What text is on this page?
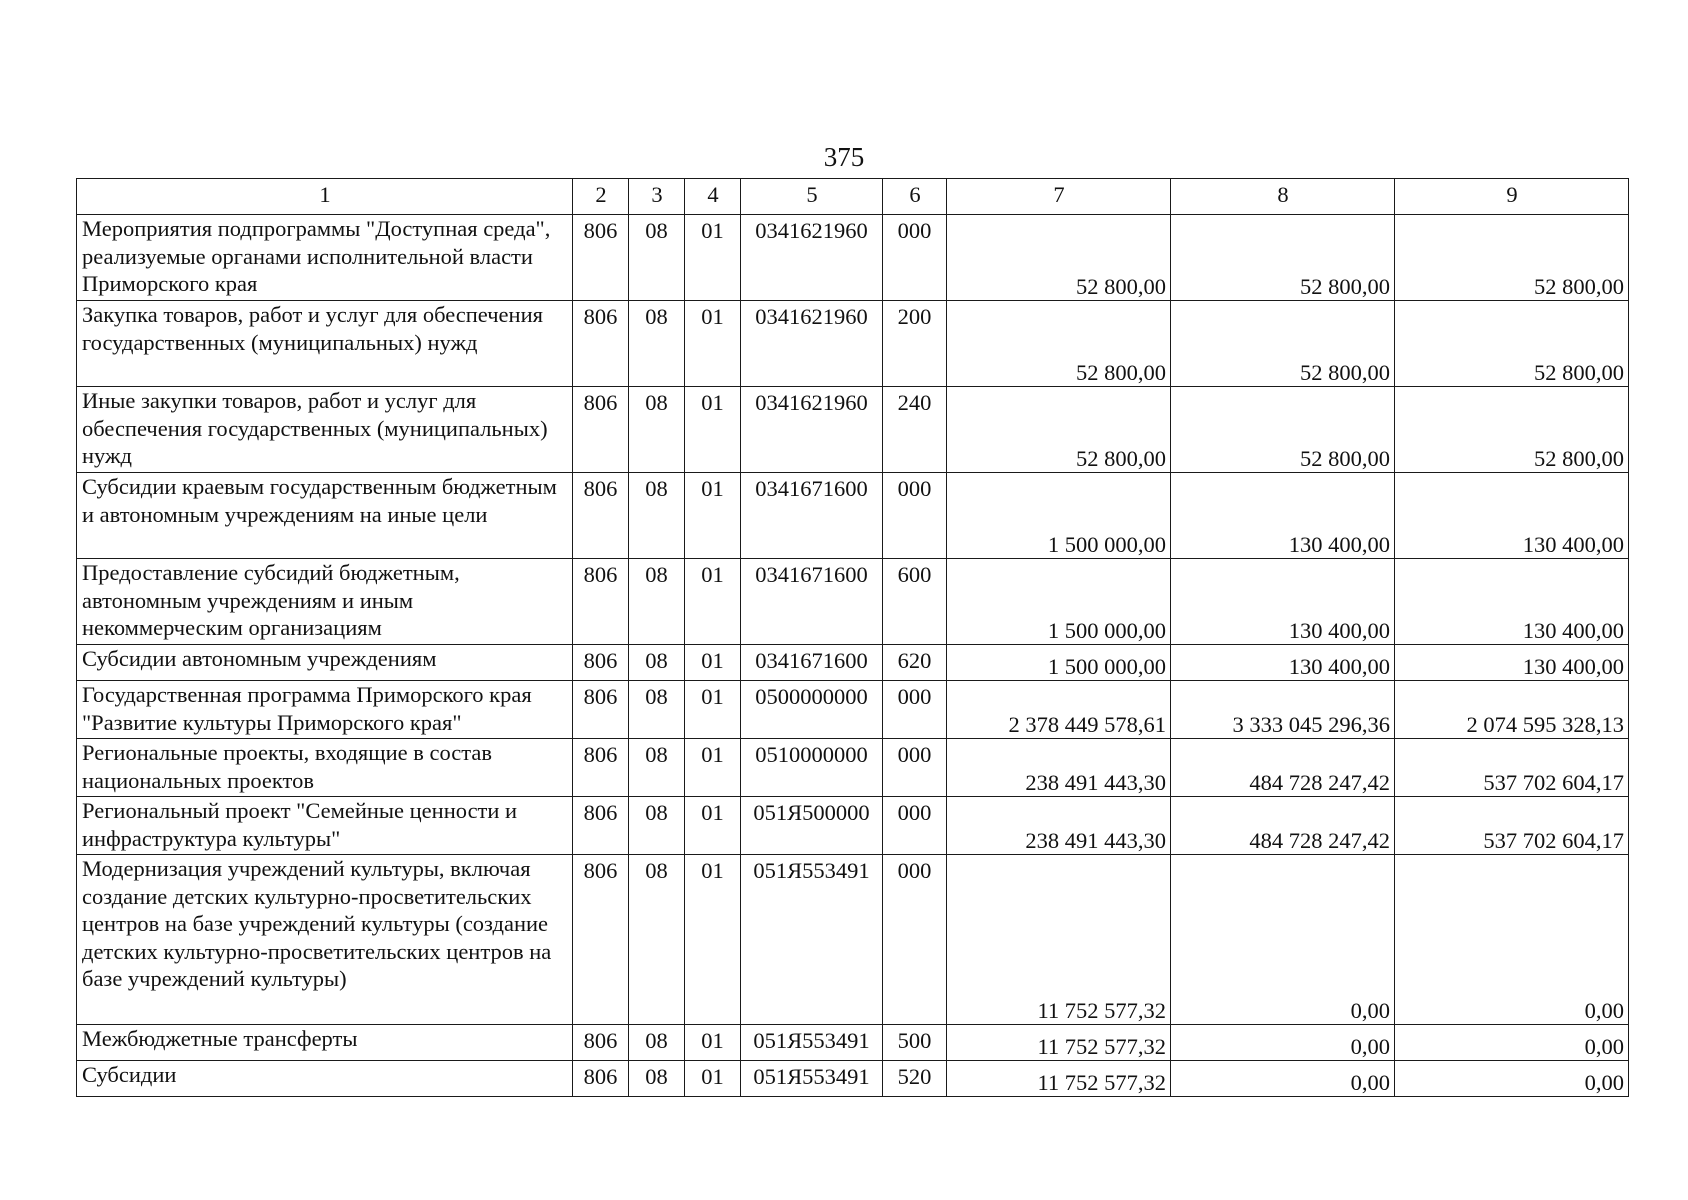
375
1	2	3	4	5	6	7	8	9
Мероприятия подпрограммы "Доступная среда", реализуемые органами исполнительной власти Приморского края	806	08	01	0341621960	000	52 800,00	52 800,00	52 800,00
Закупка товаров, работ и услуг для обеспечения государственных (муниципальных) нужд	806	08	01	0341621960	200	52 800,00	52 800,00	52 800,00
Иные закупки товаров, работ и услуг для обеспечения государственных (муниципальных) нужд	806	08	01	0341621960	240	52 800,00	52 800,00	52 800,00
Субсидии краевым государственным бюджетным и автономным учреждениям на иные цели	806	08	01	0341671600	000	1 500 000,00	130 400,00	130 400,00
Предоставление субсидий бюджетным, автономным учреждениям и иным некоммерческим организациям	806	08	01	0341671600	600	1 500 000,00	130 400,00	130 400,00
Субсидии автономным учреждениям	806	08	01	0341671600	620	1 500 000,00	130 400,00	130 400,00
Государственная программа Приморского края "Развитие культуры Приморского края"	806	08	01	0500000000	000	2 378 449 578,61	3 333 045 296,36	2 074 595 328,13
Региональные проекты, входящие в состав национальных проектов	806	08	01	0510000000	000	238 491 443,30	484 728 247,42	537 702 604,17
Региональный проект "Семейные ценности и инфраструктура культуры"	806	08	01	051Я500000	000	238 491 443,30	484 728 247,42	537 702 604,17
Модернизация учреждений культуры, включая создание детских культурно-просветительских центров на базе учреждений культуры (создание детских культурно-просветительских центров на базе учреждений культуры)	806	08	01	051Я553491	000	11 752 577,32	0,00	0,00
Межбюджетные трансферты	806	08	01	051Я553491	500	11 752 577,32	0,00	0,00
Субсидии	806	08	01	051Я553491	520	11 752 577,32	0,00	0,00
